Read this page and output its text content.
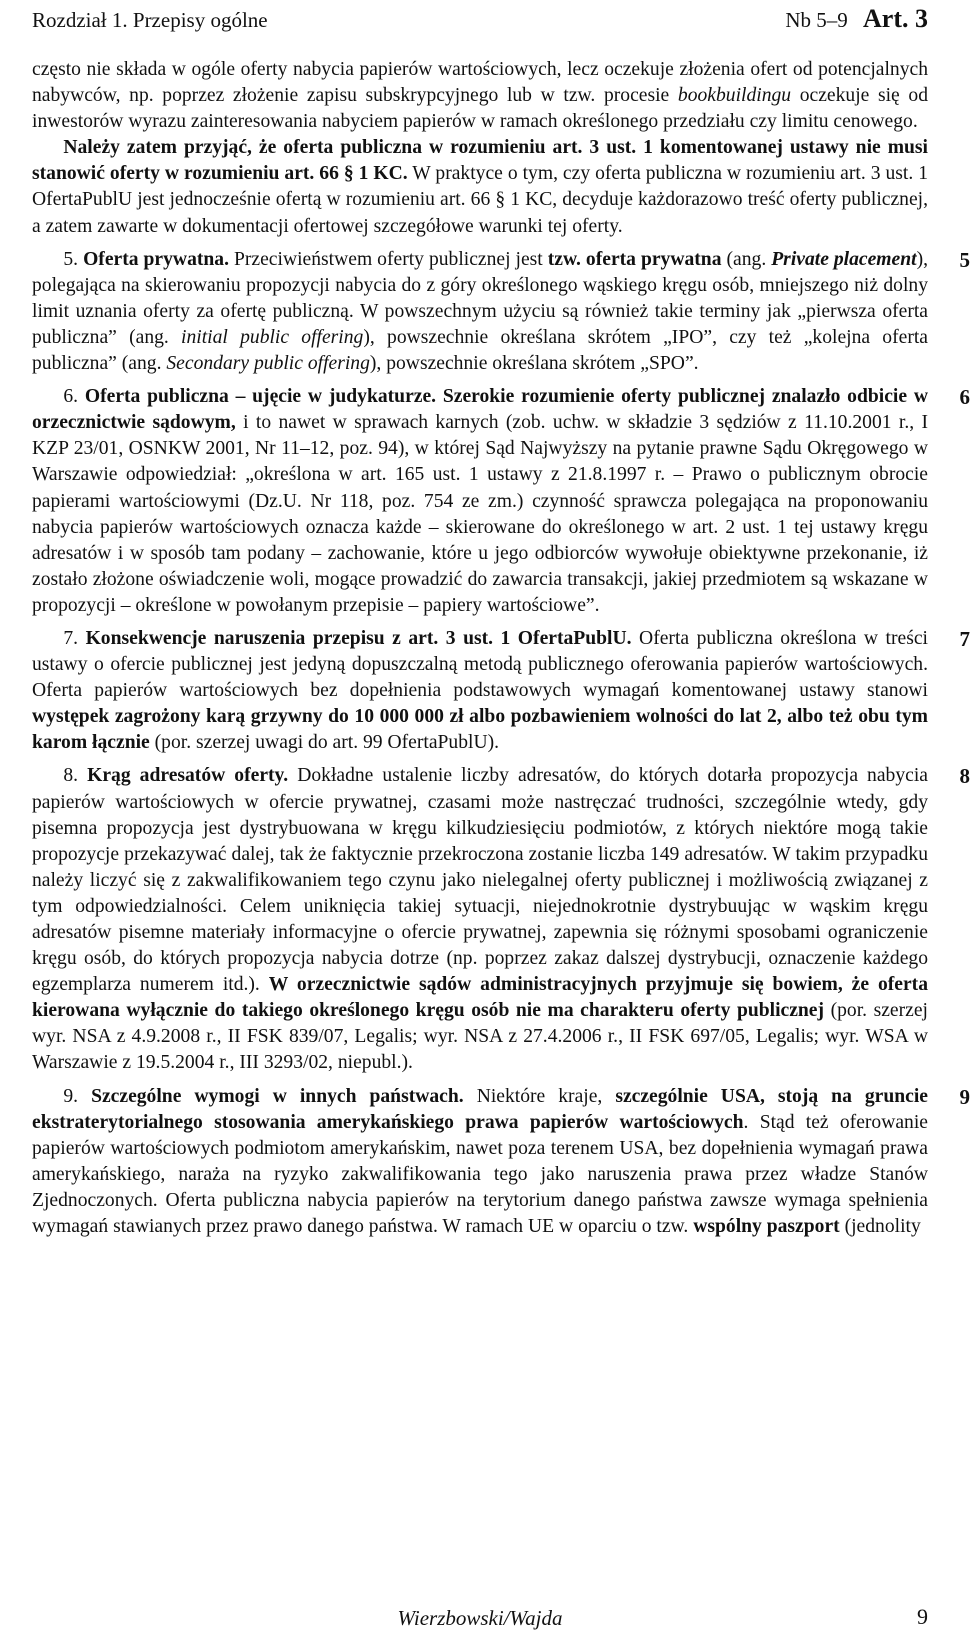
Rozdział 1. Przepisy ogólne	Nb 5–9 Art. 3

często nie składa w ogóle oferty nabycia papierów wartościowych, lecz oczekuje złożenia ofert od potencjalnych nabywców, np. poprzez złożenie zapisu subskrypcyjnego lub w tzw. procesie bookbuildingu oczekuje się od inwestorów wyrazu zainteresowania nabyciem papierów w ramach określonego przedziału czy limitu cenowego.

Należy zatem przyjąć, że oferta publiczna w rozumieniu art. 3 ust. 1 komentowanej ustawy nie musi stanowić oferty w rozumieniu art. 66 § 1 KC. W praktyce o tym, czy oferta publiczna w rozumieniu art. 3 ust. 1 OfertaPublU jest jednocześnie ofertą w rozumieniu art. 66 § 1 KC, decyduje każdorazowo treść oferty publicznej, a zatem zawarte w dokumentacji ofertowej szczegółowe warunki tej oferty.

5
5. Oferta prywatna. Przeciwieństwem oferty publicznej jest tzw. oferta prywatna (ang. Private placement), polegająca na skierowaniu propozycji nabycia do z góry określonego wąskiego kręgu osób, mniejszego niż dolny limit uznania oferty za ofertę publiczną. W powszechnym użyciu są również takie terminy jak „pierwsza oferta publiczna” (ang. initial public offering), powszechnie określana skrótem „IPO”, czy też „kolejna oferta publiczna” (ang. Secondary public offering), powszechnie określana skrótem „SPO”.

6
6. Oferta publiczna – ujęcie w judykaturze. Szerokie rozumienie oferty publicznej znalazło odbicie w orzecznictwie sądowym, i to nawet w sprawach karnych (zob. uchw. w składzie 3 sędziów z 11.10.2001 r., I KZP 23/01, OSNKW 2001, Nr 11–12, poz. 94), w której Sąd Najwyższy na pytanie prawne Sądu Okręgowego w Warszawie odpowiedział: „określona w art. 165 ust. 1 ustawy z 21.8.1997 r. – Prawo o publicznym obrocie papierami wartościowymi (Dz.U. Nr 118, poz. 754 ze zm.) czynność sprawcza polegająca na proponowaniu nabycia papierów wartościowych oznacza każde – skierowane do określonego w art. 2 ust. 1 tej ustawy kręgu adresatów i w sposób tam podany – zachowanie, które u jego odbiorców wywołuje obiektywne przekonanie, iż zostało złożone oświadczenie woli, mogące prowadzić do zawarcia transakcji, jakiej przedmiotem są wskazane w propozycji – określone w powołanym przepisie – papiery wartościowe”.

7
7. Konsekwencje naruszenia przepisu z art. 3 ust. 1 OfertaPublU. Oferta publiczna określona w treści ustawy o ofercie publicznej jest jedyną dopuszczalną metodą publicznego oferowania papierów wartościowych. Oferta papierów wartościowych bez dopełnienia podstawowych wymagań komentowanej ustawy stanowi występek zagrożony karą grzywny do 10 000 000 zł albo pozbawieniem wolności do lat 2, albo też obu tym karom łącznie (por. szerzej uwagi do art. 99 OfertaPublU).

8
8. Krąg adresatów oferty. Dokładne ustalenie liczby adresatów, do których dotarła propozycja nabycia papierów wartościowych w ofercie prywatnej, czasami może nastręczać trudności, szczególnie wtedy, gdy pisemna propozycja jest dystrybuowana w kręgu kilkudziesięciu podmiotów, z których niektóre mogą takie propozycje przekazywać dalej, tak że faktycznie przekroczona zostanie liczba 149 adresatów. W takim przypadku należy liczyć się z zakwalifikowaniem tego czynu jako nielegalnej oferty publicznej i możliwością związanej z tym odpowiedzialności. Celem uniknięcia takiej sytuacji, niejednokrotnie dystrybuując w wąskim kręgu adresatów pisemne materiały informacyjne o ofercie prywatnej, zapewnia się różnymi sposobami ograniczenie kręgu osób, do których propozycja nabycia dotrze (np. poprzez zakaz dalszej dystrybucji, oznaczenie każdego egzemplarza numerem itd.). W orzecznictwie sądów administracyjnych przyjmuje się bowiem, że oferta kierowana wyłącznie do takiego określonego kręgu osób nie ma charakteru oferty publicznej (por. szerzej wyr. NSA z 4.9.2008 r., II FSK 839/07, Legalis; wyr. NSA z 27.4.2006 r., II FSK 697/05, Legalis; wyr. WSA w Warszawie z 19.5.2004 r., III 3293/02, niepubl.).

9
9. Szczególne wymogi w innych państwach. Niektóre kraje, szczególnie USA, stoją na gruncie ekstraterytorialnego stosowania amerykańskiego prawa papierów wartościowych. Stąd też oferowanie papierów wartościowych podmiotom amerykańskim, nawet poza terenem USA, bez dopełnienia wymagań prawa amerykańskiego, naraża na ryzyko zakwalifikowania tego jako naruszenia prawa przez władze Stanów Zjednoczonych. Oferta publiczna nabycia papierów na terytorium danego państwa zawsze wymaga spełnienia wymagań stawianych przez prawo danego państwa. W ramach UE w oparciu o tzw. wspólny paszport (jednolity

Wierzbowski/Wajda	9
